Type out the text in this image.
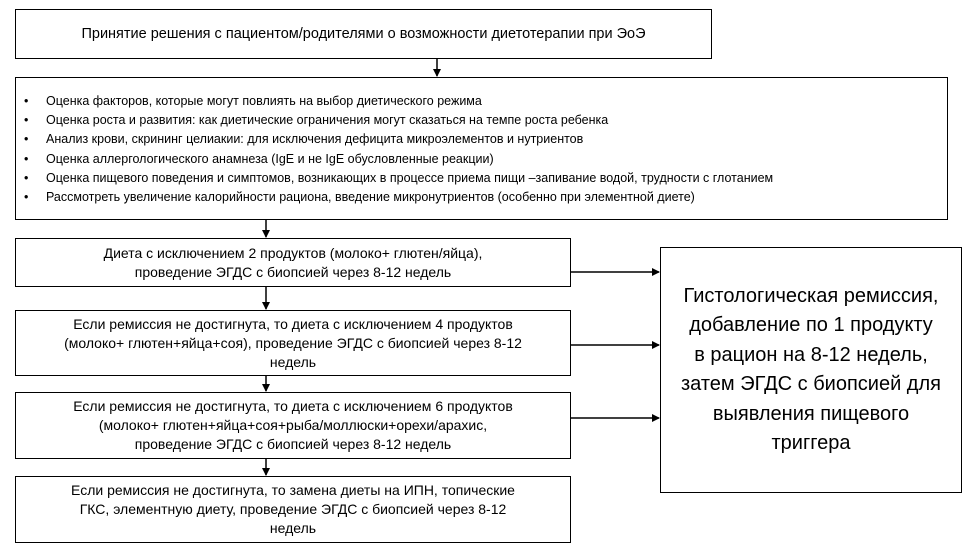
Принятие решения с пациентом/родителями о возможности диетотерапии при ЭоЭ
• Оценка факторов, которые могут повлиять на выбор диетического режима
• Оценка роста и развития: как диетические ограничения могут сказаться на темпе роста ребенка
• Анализ крови, скрининг целиакии: для исключения дефицита микроэлементов и нутриентов
• Оценка аллергологического анамнеза (IgE и не IgE обусловленные реакции)
• Оценка пищевого поведения и симптомов, возникающих в процессе приема пищи –запивание водой, трудности с глотанием
• Рассмотреть увеличение калорийности рациона, введение микронутриентов (особенно при элементной диете)
Диета с исключением 2 продуктов (молоко+ глютен/яйца),
проведение ЭГДС с биопсией через 8-12 недель
Если ремиссия не достигнута, то диета с исключением 4 продуктов
(молоко+ глютен+яйца+соя), проведение ЭГДС с биопсией через 8-12
недель
Если ремиссия не достигнута, то диета с исключением 6 продуктов
(молоко+ глютен+яйца+соя+рыба/моллюски+орехи/арахис,
проведение ЭГДС с биопсией через 8-12 недель
Если ремиссия не достигнута, то замена диеты на ИПН, топические
ГКС, элементную диету, проведение ЭГДС с биопсией через 8-12
недель
Гистологическая ремиссия,
добавление по 1 продукту
в рацион на 8-12 недель,
затем ЭГДС с биопсией для
выявления пищевого
триггера
